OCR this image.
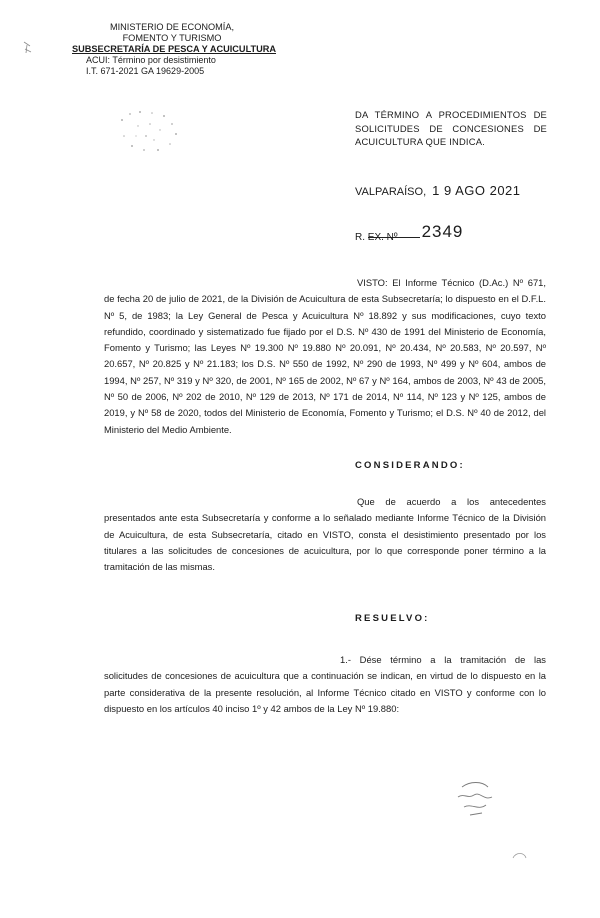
MINISTERIO DE ECONOMÍA,
FOMENTO Y TURISMO
SUBSECRETARÍA DE PESCA Y ACUICULTURA
ACUI: Término por desistimiento
I.T. 671-2021 GA 19629-2005
DA TÉRMINO A PROCEDIMIENTOS DE SOLICITUDES DE CONCESIONES DE ACUICULTURA QUE INDICA.
VALPARAÍSO, 1 9 AGO 2021
R. EX. Nº 2349
VISTO: El Informe Técnico (D.Ac.) Nº 671, de fecha 20 de julio de 2021, de la División de Acuicultura de esta Subsecretaría; lo dispuesto en el D.F.L. Nº 5, de 1983; la Ley General de Pesca y Acuicultura Nº 18.892 y sus modificaciones, cuyo texto refundido, coordinado y sistematizado fue fijado por el D.S. Nº 430 de 1991 del Ministerio de Economía, Fomento y Turismo; las Leyes Nº 19.300 Nº 19.880 Nº 20.091, Nº 20.434, Nº 20.583, Nº 20.597, Nº 20.657, Nº 20.825 y Nº 21.183; los D.S. Nº 550 de 1992, Nº 290 de 1993, Nº 499 y Nº 604, ambos de 1994, Nº 257, Nº 319 y Nº 320, de 2001, Nº 165 de 2002, Nº 67 y Nº 164, ambos de 2003, Nº 43 de 2005, Nº 50 de 2006, Nº 202 de 2010, Nº 129 de 2013, Nº 171 de 2014, Nº 114, Nº 123 y Nº 125, ambos de 2019, y Nº 58 de 2020, todos del Ministerio de Economía, Fomento y Turismo; el D.S. Nº 40 de 2012, del Ministerio del Medio Ambiente.
CONSIDERANDO:
Que de acuerdo a los antecedentes presentados ante esta Subsecretaría y conforme a lo señalado mediante Informe Técnico de la División de Acuicultura, de esta Subsecretaría, citado en VISTO, consta el desistimiento presentado por los titulares a las solicitudes de concesiones de acuicultura, por lo que corresponde poner término a la tramitación de las mismas.
RESUELVO:
1.- Dése término a la tramitación de las solicitudes de concesiones de acuicultura que a continuación se indican, en virtud de lo dispuesto en la parte considerativa de la presente resolución, al Informe Técnico citado en VISTO y conforme con lo dispuesto en los artículos 40 inciso 1º y 42 ambos de la Ley Nº 19.880:
